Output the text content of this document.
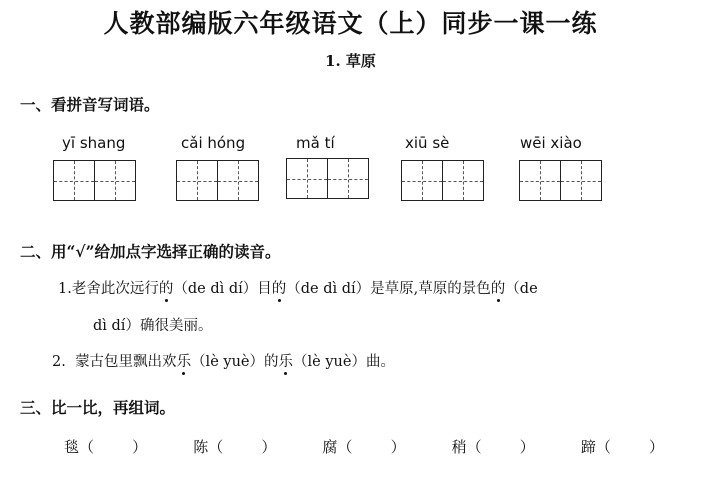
人教部编版六年级语文（上）同步一课一练
1. 草原
一、看拼音写词语。
yī shang	cǎi hóng	mǎ tí	xiū sè	wēi xiào
二、用“√”给加点字选择正确的读音。
1.老舍此次远行的（de dì dí）目的（de dì dí）是草原,草原的景色的（de
dì dí）确很美丽。
2. 蒙古包里飘出欢乐（lè yuè）的乐（lè yuè）曲。
三、比一比，再组词。
毯（        ）	陈（        ）	腐（        ）	稍（        ）	蹄（        ）
